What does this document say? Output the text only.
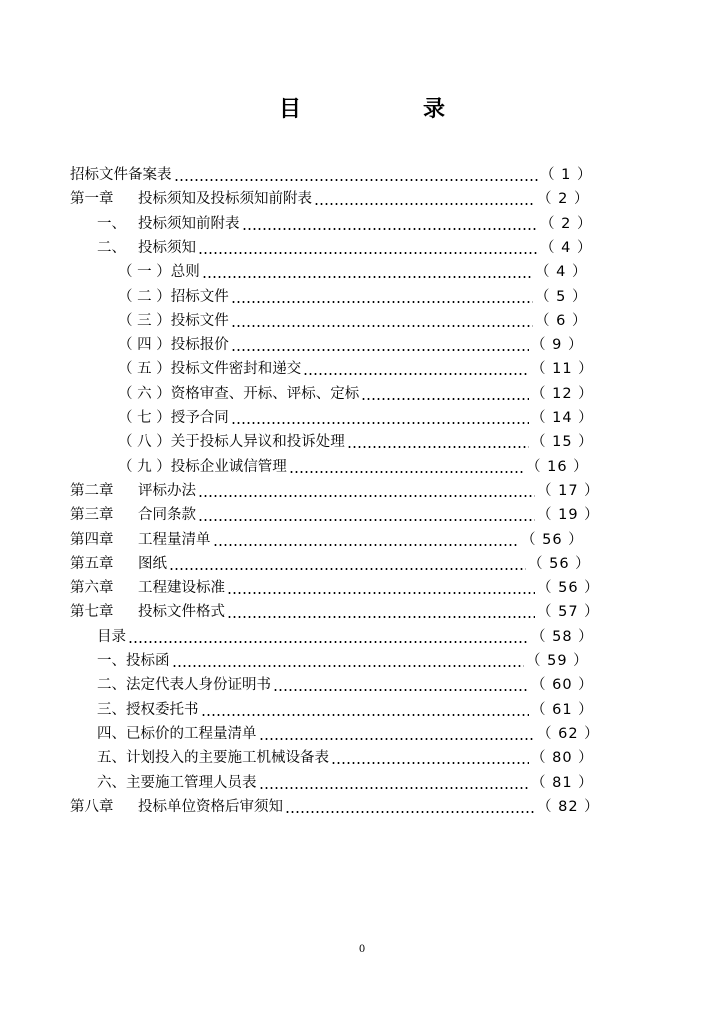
目　录
招标文件备案表	（ 1 ）
第一章 投标须知及投标须知前附表	（ 2 ）
一、 投标须知前附表	（ 2 ）
二、 投标须知	（ 4 ）
（ 一 ）总则	（ 4 ）
（ 二 ）招标文件	（ 5 ）
（ 三 ）投标文件	（ 6 ）
（ 四 ）投标报价	（ 9 ）
（ 五 ）投标文件密封和递交	（ 11 ）
（ 六 ）资格审查、开标、评标、定标	（ 12 ）
（ 七 ）授予合同	（ 14 ）
（ 八 ）关于投标人异议和投诉处理	（ 15 ）
（ 九 ）投标企业诚信管理	（ 16 ）
第二章 评标办法	（ 17 ）
第三章 合同条款	（ 19 ）
第四章 工程量清单	（ 56 ）
第五章 图纸	（ 56 ）
第六章 工程建设标准	（ 56 ）
第七章 投标文件格式	（ 57 ）
目录	（ 58 ）
一、投标函	（ 59 ）
二、法定代表人身份证明书	（ 60 ）
三、授权委托书	（ 61 ）
四、已标价的工程量清单	（ 62 ）
五、计划投入的主要施工机械设备表	（ 80 ）
六、主要施工管理人员表	（ 81 ）
第八章 投标单位资格后审须知	（ 82 ）
0
